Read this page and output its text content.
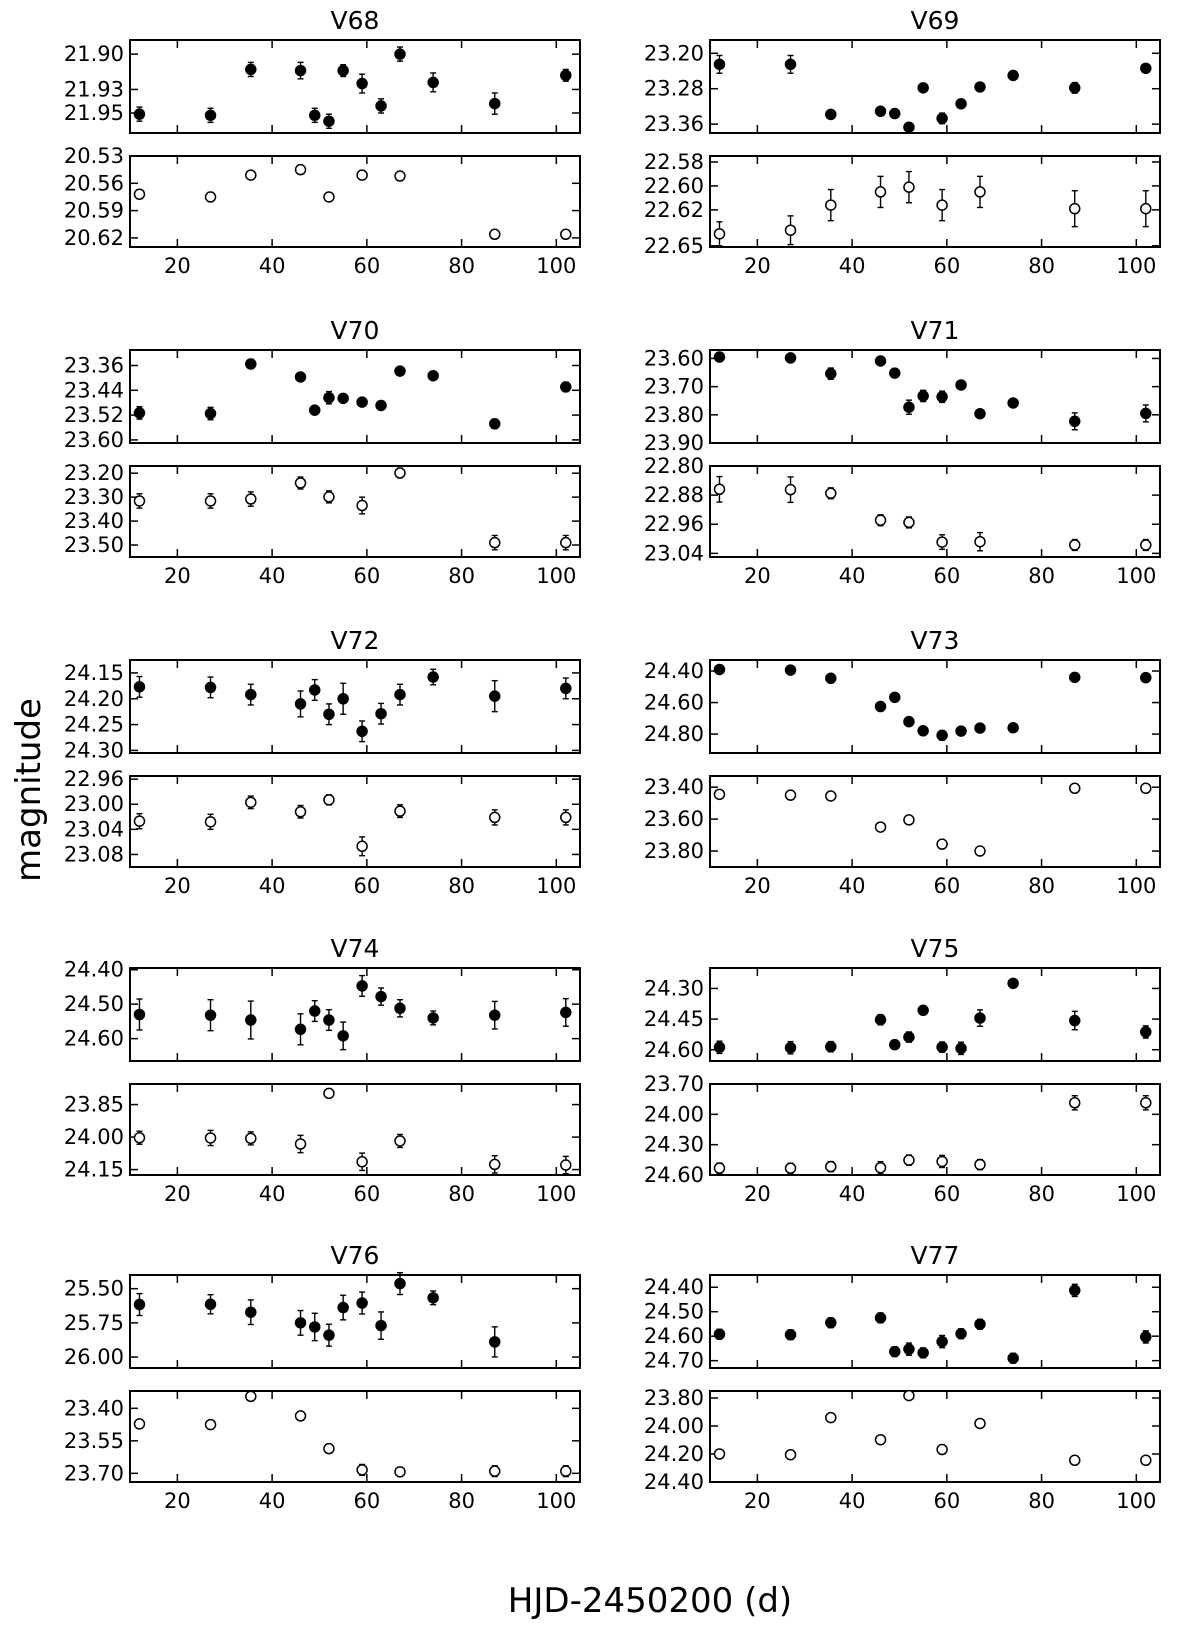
V68
21.90
21.93
21.95
20.53
20.56
20.59
20.62
20	40	60	80	100
V69
23.20
23.28
23.36
22.58
22.60
22.62
22.65
20	40	60	80	100
V70
23.36
23.44
23.52
23.60
23.20
23.30
23.40
23.50
20	40	60	80	100
V71
23.60
23.70
23.80
23.90
22.80
22.88
22.96
23.04
20	40	60	80	100
V72
24.15
24.20
24.25
24.30
22.96
23.00
23.04
23.08
20	40	60	80	100
V73
24.40
24.60
24.80
23.40
23.60
23.80
20	40	60	80	100
V74
24.40
24.50
24.60
23.85
24.00
24.15
20	40	60	80	100
V75
24.30
24.45
24.60
23.70
24.00
24.30
24.60
20	40	60	80	100
V76
25.50
25.75
26.00
23.40
23.55
23.70
20	40	60	80	100
V77
24.40
24.50
24.60
24.70
23.80
24.00
24.20
24.40
20	40	60	80	100
magnitude
HJD-2450200 (d)
